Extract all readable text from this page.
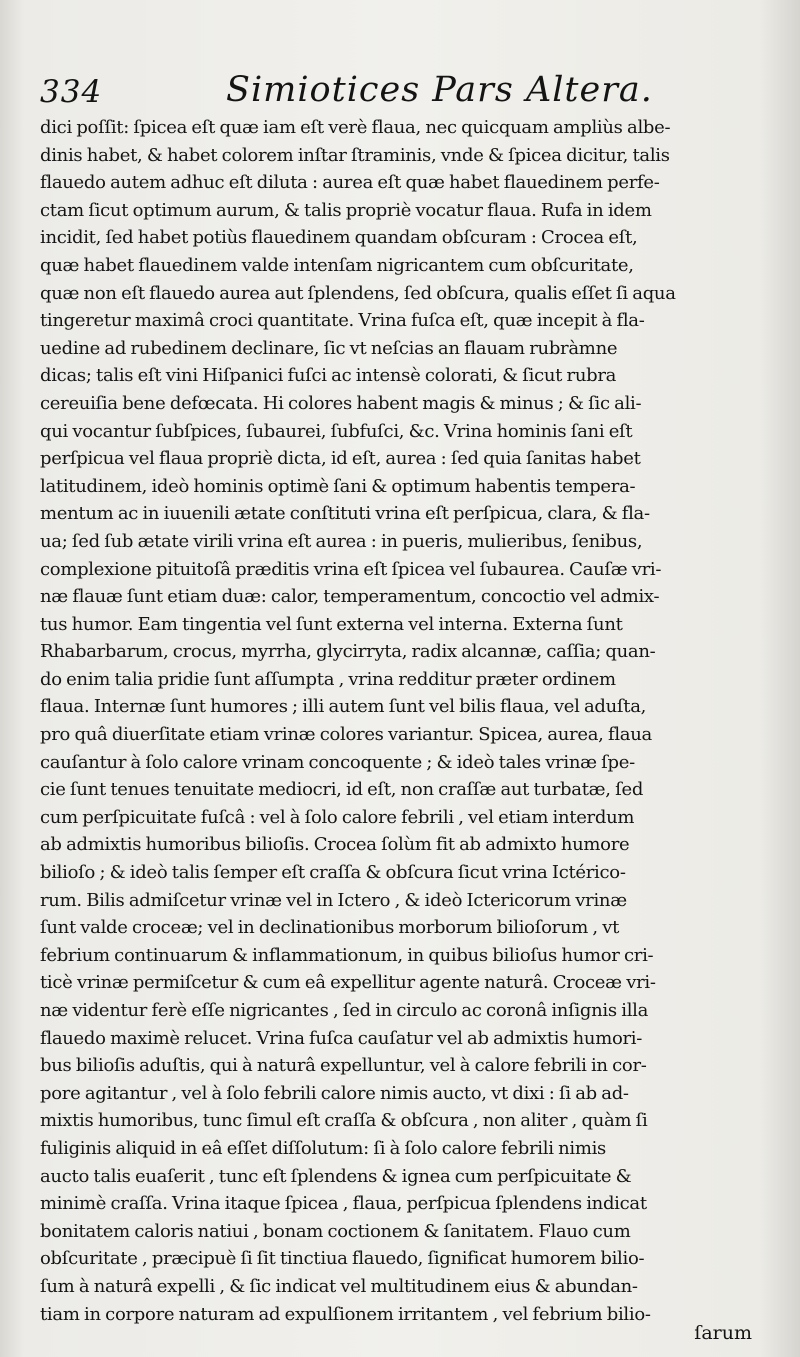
334	Simiotices Pars Altera.
dici poſſit: ſpicea eſt quæ iam eſt verè flaua, nec quicquam ampliùs albe-
dinis habet, & habet colorem inſtar ſtraminis, vnde & ſpicea dicitur, talis
flauedo autem adhuc eſt diluta : aurea eſt quæ habet flauedinem perfe-
ctam ſicut optimum aurum, & talis propriè vocatur flaua. Rufa in idem
incidit, ſed habet potiùs flauedinem quandam obſcuram : Crocea eſt,
quæ habet flauedinem valde intenſam nigricantem cum obſcuritate,
quæ non eſt flauedo aurea aut ſplendens, ſed obſcura, qualis eſſet ſi aqua
tingeretur maximâ croci quantitate. Vrina fuſca eſt, quæ incepit à fla-
uedine ad rubedinem declinare, ſic vt neſcias an flauam rubràmne
dicas; talis eſt vini Hiſpanici fuſci ac intensè colorati, & ſicut rubra
cereuiſia bene defœcata. Hi colores habent magis & minus ; & ſic ali-
qui vocantur ſubſpices, ſubaurei, ſubfuſci, &c. Vrina hominis ſani eſt
perſpicua vel flaua propriè dicta, id eſt, aurea : ſed quia ſanitas habet
latitudinem, ideò hominis optimè ſani & optimum habentis tempera-
mentum ac in iuuenili ætate conſtituti vrina eſt perſpicua, clara, & fla-
ua; ſed ſub ætate virili vrina eſt aurea : in pueris, mulieribus, ſenibus,
complexione pituitoſâ præditis vrina eſt ſpicea vel ſubaurea. Cauſæ vri-
næ flauæ ſunt etiam duæ: calor, temperamentum, concoctio vel admix-
tus humor. Eam tingentia vel ſunt externa vel interna. Externa ſunt
Rhabarbarum, crocus, myrrha, glycirryta, radix alcannæ, caſſia; quan-
do enim talia pridie ſunt aſſumpta , vrina redditur præter ordinem
flaua. Internæ ſunt humores ; illi autem ſunt vel bilis flaua, vel aduſta,
pro quâ diuerſitate etiam vrinæ colores variantur. Spicea, aurea, flaua
cauſantur à ſolo calore vrinam concoquente ; & ideò tales vrinæ ſpe-
cie ſunt tenues tenuitate mediocri, id eſt, non craſſæ aut turbatæ, ſed
cum perſpicuitate fuſcâ : vel à ſolo calore febrili , vel etiam interdum
ab admixtis humoribus bilioſis. Crocea ſolùm fit ab admixto humore
bilioſo ; & ideò talis ſemper eſt craſſa & obſcura ſicut vrina Ictérico-
rum. Bilis admiſcetur vrinæ vel in Ictero , & ideò Ictericorum vrinæ
ſunt valde croceæ; vel in declinationibus morborum bilioſorum , vt
febrium continuarum & inflammationum, in quibus bilioſus humor cri-
ticè vrinæ permiſcetur & cum eâ expellitur agente naturâ. Croceæ vri-
næ videntur ferè eſſe nigricantes , ſed in circulo ac coronâ inſignis illa
flauedo maximè relucet. Vrina fuſca cauſatur vel ab admixtis humori-
bus bilioſis aduſtis, qui à naturâ expelluntur, vel à calore febrili in cor-
pore agitantur , vel à ſolo febrili calore nimis aucto, vt dixi : ſi ab ad-
mixtis humoribus, tunc ſimul eſt craſſa & obſcura , non aliter , quàm ſi
fuliginis aliquid in eâ eſſet diſſolutum: ſi à ſolo calore febrili nimis
aucto talis euaſerit , tunc eſt ſplendens & ignea cum perſpicuitate &
minimè craſſa. Vrina itaque ſpicea , flaua, perſpicua ſplendens indicat
bonitatem caloris natiui , bonam coctionem & ſanitatem. Flauo cum
obſcuritate , præcipuè ſi ſit tinctiua flauedo, ſignificat humorem bilio-
ſum à naturâ expelli , & ſic indicat vel multitudinem eius & abundan-
tiam in corpore naturam ad expulſionem irritantem , vel febrium bilio-
ſarum
